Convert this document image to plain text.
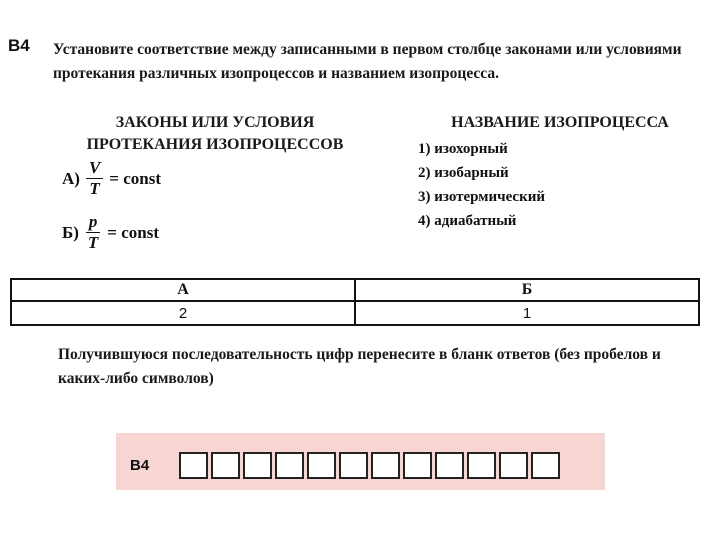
В4 Установите соответствие между записанными в первом столбце законами или условиями протекания различных изопроцессов и названием изопроцесса.
ЗАКОНЫ ИЛИ УСЛОВИЯ
ПРОТЕКАНИЯ ИЗОПРОЦЕССОВ
НАЗВАНИЕ ИЗОПРОЦЕССА
1) изохорный
2) изобарный
3) изотермический
4) адиабатный
$А) \frac{V}{T}$ = const
$Б) \frac{p}{T}$ = const
А	Б
2	1
Получившуюся последовательность цифр перенесите в бланк ответов (без пробелов и каких-либо символов)
В4
